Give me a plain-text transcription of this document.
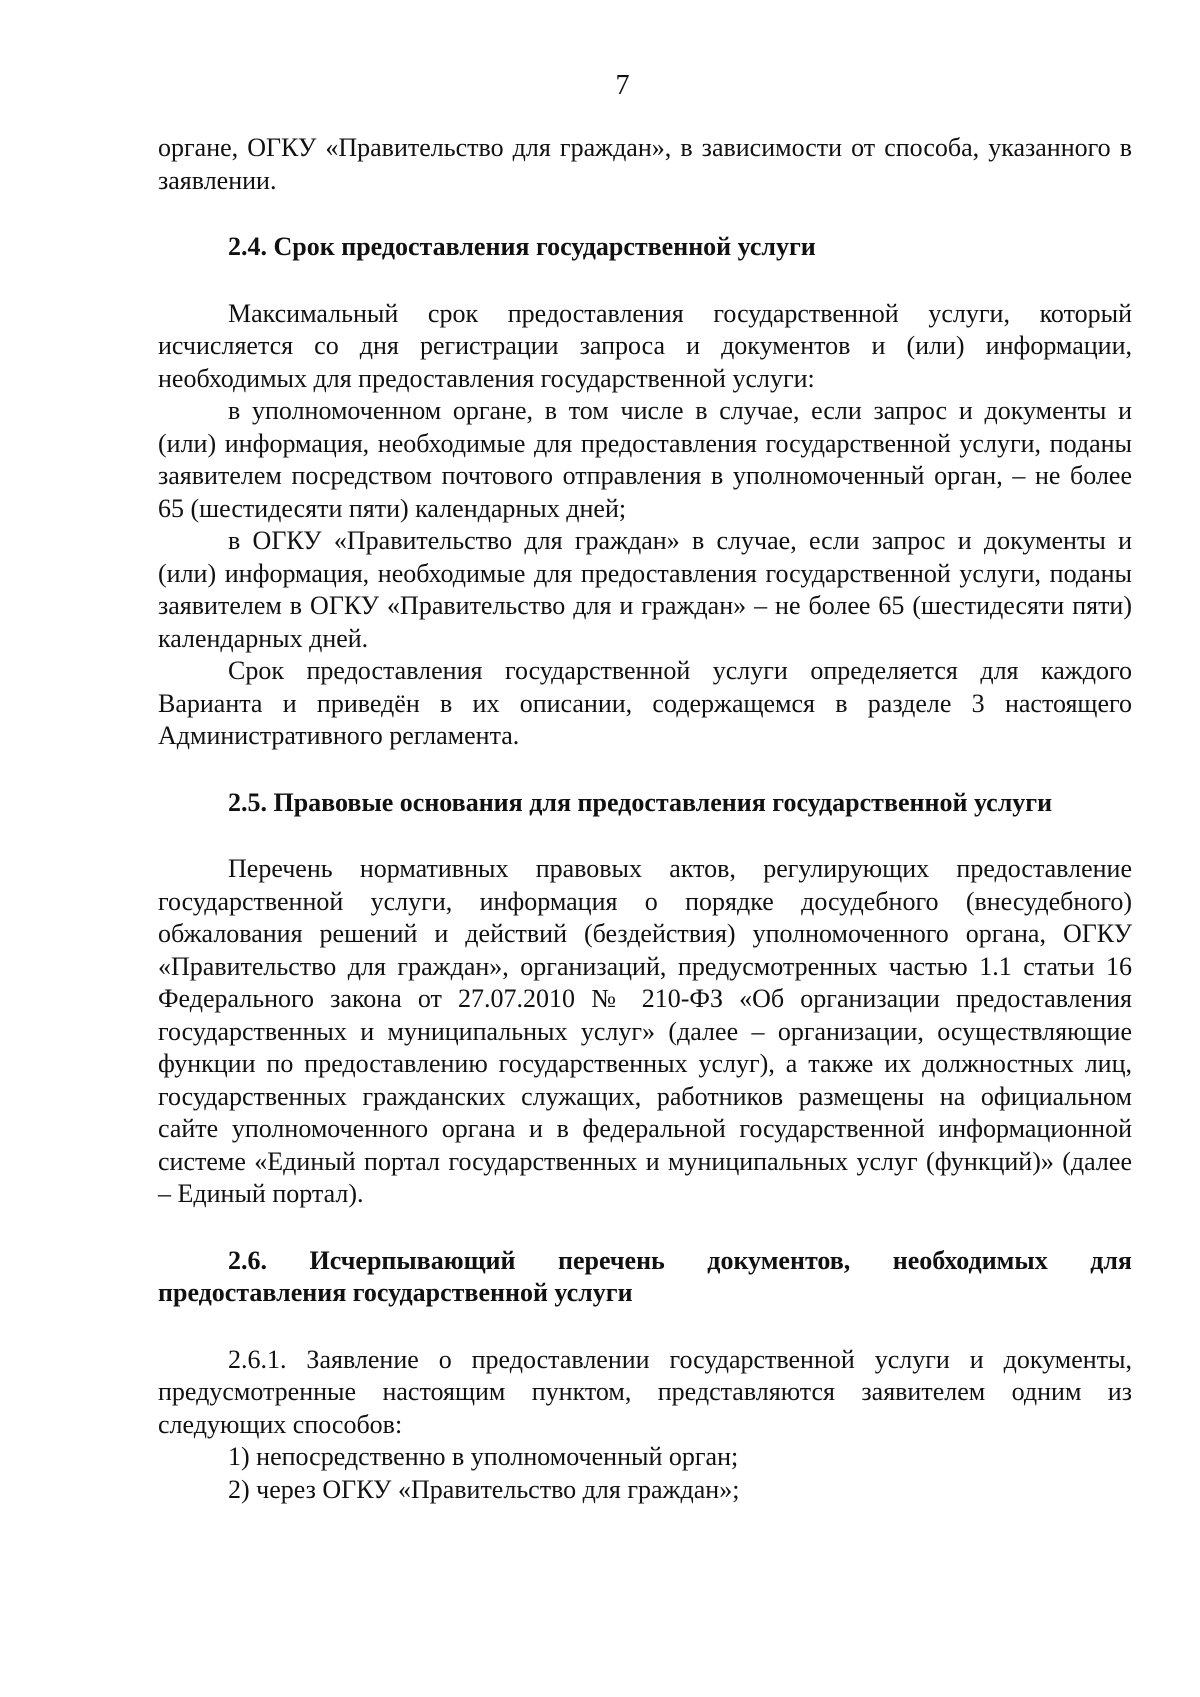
7

органе, ОГКУ «Правительство для граждан», в зависимости от способа, указанного в заявлении.

2.4. Срок предоставления государственной услуги

Максимальный срок предоставления государственной услуги, который исчисляется со дня регистрации запроса и документов и (или) информации, необходимых для предоставления государственной услуги:

в уполномоченном органе, в том числе в случае, если запрос и документы и (или) информация, необходимые для предоставления государственной услуги, поданы заявителем посредством почтового отправления в уполномоченный орган, – не более 65 (шестидесяти пяти) календарных дней;

в ОГКУ «Правительство для граждан» в случае, если запрос и документы и (или) информация, необходимые для предоставления государственной услуги, поданы заявителем в ОГКУ «Правительство для и граждан» – не более 65 (шестидесяти пяти) календарных дней.

Срок предоставления государственной услуги определяется для каждого Варианта и приведён в их описании, содержащемся в разделе 3 настоящего Административного регламента.

2.5. Правовые основания для предоставления государственной услуги

Перечень нормативных правовых актов, регулирующих предоставление государственной услуги, информация о порядке досудебного (внесудебного) обжалования решений и действий (бездействия) уполномоченного органа, ОГКУ «Правительство для граждан», организаций, предусмотренных частью 1.1 статьи 16 Федерального закона от 27.07.2010 № 210-ФЗ «Об организации предоставления государственных и муниципальных услуг» (далее – организации, осуществляющие функции по предоставлению государственных услуг), а также их должностных лиц, государственных гражданских служащих, работников размещены на официальном сайте уполномоченного органа и в федеральной государственной информационной системе «Единый портал государственных и муниципальных услуг (функций)» (далее – Единый портал).

2.6. Исчерпывающий перечень документов, необходимых для предоставления государственной услуги

2.6.1. Заявление о предоставлении государственной услуги и документы, предусмотренные настоящим пунктом, представляются заявителем одним из следующих способов:

1) непосредственно в уполномоченный орган;

2) через ОГКУ «Правительство для граждан»;
